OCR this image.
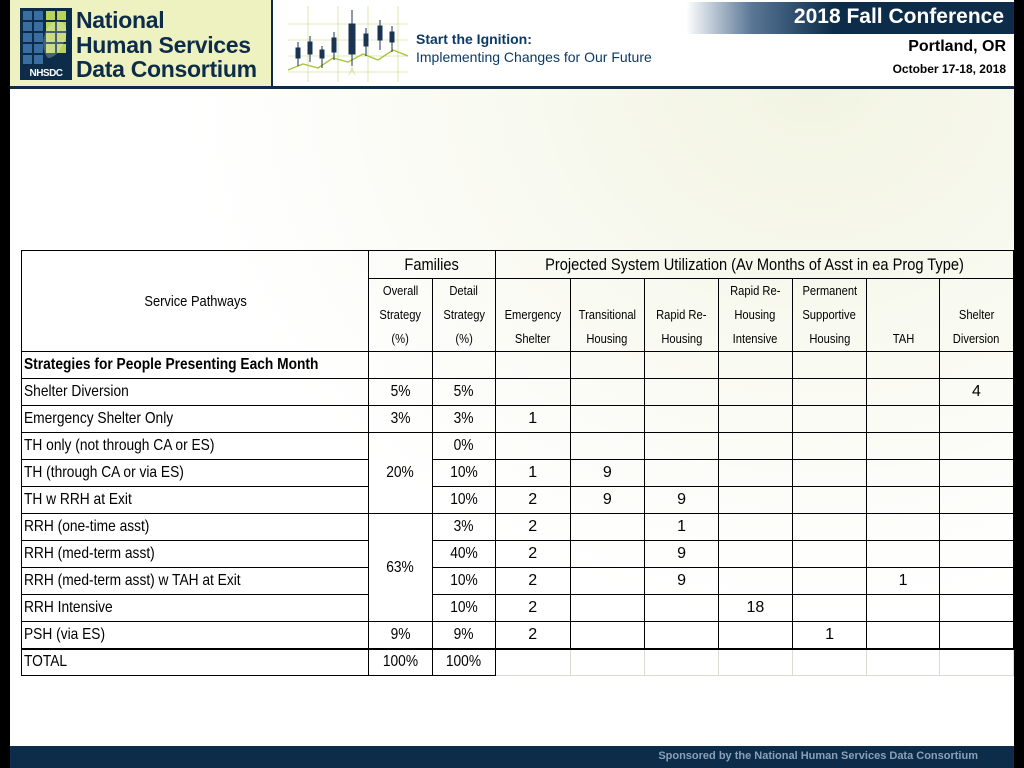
NHSDC
National
Human Services
Data Consortium
Start the Ignition:
Implementing Changes for Our Future
2018 Fall Conference
Portland, OR
October 17-18, 2018
Service Pathways	Families		Projected System Utilization (Av Months of Asst in ea Prog Type)						
	Overall
Strategy
(%)	Detail
Strategy
(%)	Emergency
Shelter	Transitional
Housing	Rapid Re-
Housing	Rapid Re-
Housing
Intensive	Permanent
Supportive
Housing	TAH	Shelter
Diversion
Strategies for People Presenting Each Month									
Shelter Diversion	5%	5%							4
Emergency Shelter Only	3%	3%	1						
TH only (not through CA or ES)	20%	0%							
TH (through CA or via ES)		10%	1	9					
TH w RRH at Exit		10%	2	9	9				
RRH (one-time asst)	63%	3%	2		1				
RRH (med-term asst)		40%	2		9				
RRH (med-term asst) w TAH at Exit		10%	2		9			1	
RRH Intensive		10%	2			18			
PSH (via ES)	9%	9%	2				1		
TOTAL	100%	100%							
Sponsored by the National Human Services Data Consortium
